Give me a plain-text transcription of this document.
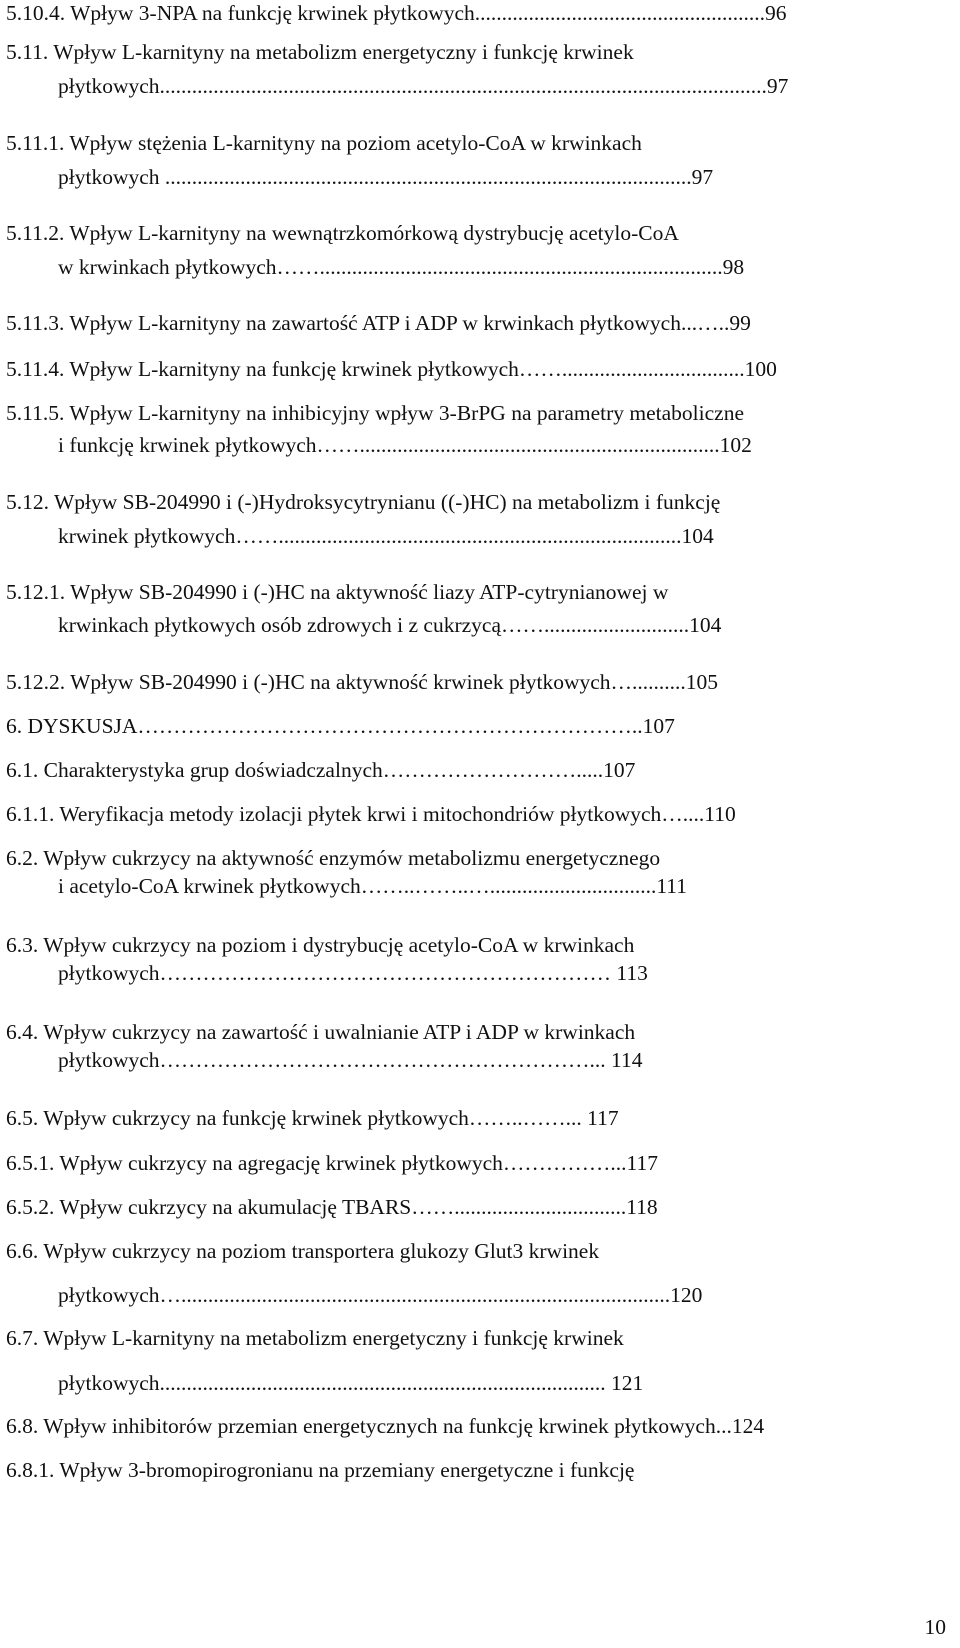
5.10.4. Wpływ 3-NPA na funkcję krwinek płytkowych......................................................96
5.11. Wpływ L-karnityny na metabolizm energetyczny i funkcję krwinek
płytkowych.................................................................................................................97
5.11.1. Wpływ stężenia L-karnityny na poziom acetylo-CoA w krwinkach
płytkowych ..................................................................................................97
5.11.2. Wpływ L-karnityny na wewnątrzkomórkową dystrybucję acetylo-CoA
w krwinkach płytkowych……...........................................................................98
5.11.3. Wpływ L-karnityny na zawartość ATP i ADP w krwinkach płytkowych...…..99
5.11.4. Wpływ L-karnityny na funkcję krwinek płytkowych……..................................100
5.11.5. Wpływ L-karnityny na inhibicyjny wpływ 3-BrPG na parametry metaboliczne
i funkcję krwinek płytkowych……...................................................................102
5.12. Wpływ SB-204990 i (-)Hydroksycytrynianu ((-)HC) na metabolizm i funkcję
krwinek płytkowych……...........................................................................104
5.12.1. Wpływ SB-204990 i (-)HC na aktywność liazy ATP-cytrynianowej w
krwinkach płytkowych osób zdrowych i z cukrzycą……...........................104
5.12.2. Wpływ SB-204990 i (-)HC na aktywność krwinek płytkowych…..........105
6. DYSKUSJA……………………………………………………………..107
6.1. Charakterystyka grup doświadczalnych……………………….....107
6.1.1. Weryfikacja metody izolacji płytek krwi i mitochondriów płytkowych…....110
6.2. Wpływ cukrzycy na aktywność enzymów metabolizmu energetycznego
i acetylo-CoA krwinek płytkowych……..……..…...............................111
6.3. Wpływ cukrzycy na poziom i dystrybucję acetylo-CoA w krwinkach
płytkowych……………………………………………………… 113
6.4. Wpływ cukrzycy na zawartość i uwalnianie ATP i ADP w krwinkach
płytkowych……………………………………………………... 114
6.5. Wpływ cukrzycy na funkcję krwinek płytkowych……..……... 117
6.5.1. Wpływ cukrzycy na agregację krwinek płytkowych……………...117
6.5.2. Wpływ cukrzycy na akumulację TBARS……................................118
6.6. Wpływ cukrzycy na poziom transportera glukozy Glut3 krwinek
płytkowych…...........................................................................................120
6.7. Wpływ L-karnityny na metabolizm energetyczny i funkcję krwinek
płytkowych................................................................................... 121
6.8. Wpływ inhibitorów przemian energetycznych na funkcję krwinek płytkowych...124
6.8.1. Wpływ 3-bromopirogronianu na przemiany energetyczne i funkcję
10
